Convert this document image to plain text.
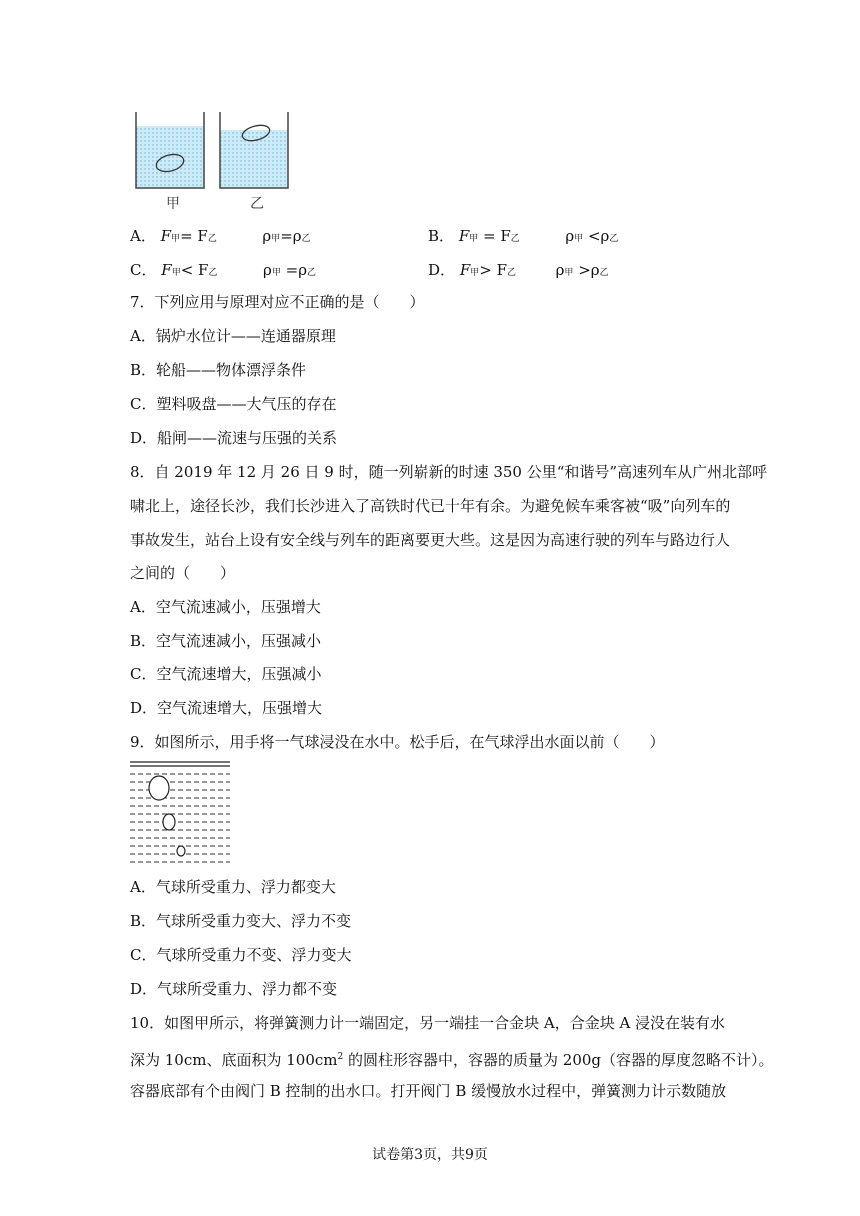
甲	乙
A． F甲= F乙	ρ甲=ρ乙	B． F甲 = F乙	ρ甲 <ρ乙
C． F甲< F乙	ρ甲 =ρ乙	D． F甲> F乙	ρ甲 >ρ乙
7．下列应用与原理对应不正确的是（　　）
A．锅炉水位计——连通器原理
B．轮船——物体漂浮条件
C．塑料吸盘——大气压的存在
D．船闸——流速与压强的关系
8．自 2019 年 12 月 26 日 9 时，随一列崭新的时速 350 公里“和谐号”高速列车从广州北部呼
啸北上，途径长沙，我们长沙进入了高铁时代已十年有余。为避免候车乘客被“吸”向列车的
事故发生，站台上设有安全线与列车的距离要更大些。这是因为高速行驶的列车与路边行人
之间的（　　）
A．空气流速减小，压强增大
B．空气流速减小，压强减小
C．空气流速增大，压强减小
D．空气流速增大，压强增大
9．如图所示，用手将一气球浸没在水中。松手后，在气球浮出水面以前（　　）
A．气球所受重力、浮力都变大
B．气球所受重力变大、浮力不变
C．气球所受重力不变、浮力变大
D．气球所受重力、浮力都不变
10．如图甲所示，将弹簧测力计一端固定，另一端挂一合金块 A，合金块 A 浸没在装有水
深为 10cm、底面积为 $100cm^2$ 的圆柱形容器中，容器的质量为 200g（容器的厚度忽略不计）。
容器底部有个由阀门 B 控制的出水口。打开阀门 B 缓慢放水过程中，弹簧测力计示数随放
试卷第3页，共9页
